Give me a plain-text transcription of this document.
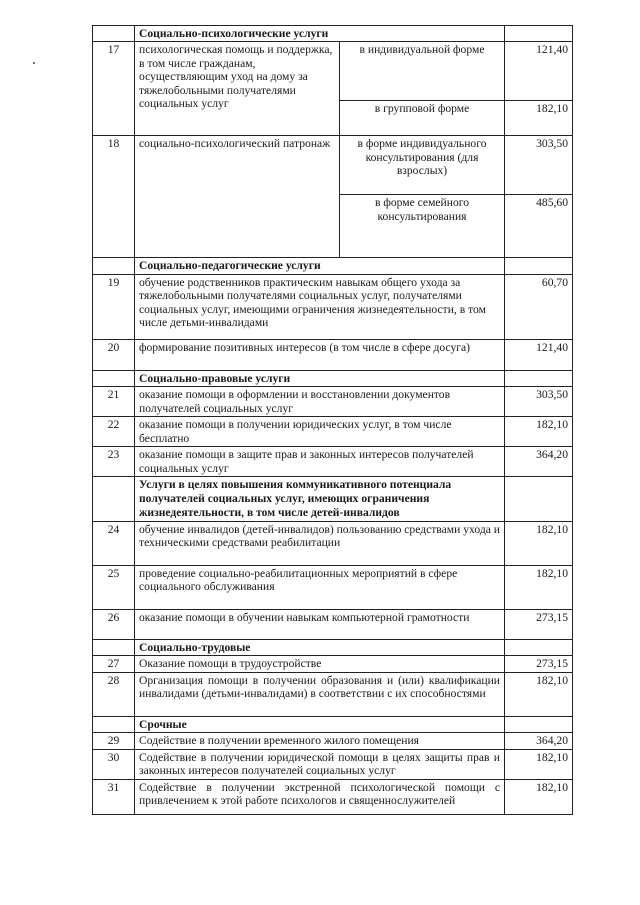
	Социально-психологические услуги		
17	психологическая помощь и поддержка, в том числе гражданам, осуществляющим уход на дому за тяжелобольными получателями социальных услуг	в индивидуальной форме	121,40
		в групповой форме	182,10
18	социально-психологический патронаж	в форме индивидуального консультирования (для взрослых)	303,50
		в форме семейного консультирования	485,60
	Социально-педагогические услуги		
19	обучение родственников практическим навыкам общего ухода за тяжелобольными получателями социальных услуг, получателями социальных услуг, имеющими ограничения жизнедеятельности, в том числе детьми-инвалидами		60,70
20	формирование позитивных интересов (в том числе в сфере досуга)		121,40
	Социально-правовые услуги		
21	оказание помощи в оформлении и восстановлении документов получателей социальных услуг		303,50
22	оказание помощи в получении юридических услуг, в том числе бесплатно		182,10
23	оказание помощи в защите прав и законных интересов получателей социальных услуг		364,20
	Услуги в целях повышения коммуникативного потенциала получателей социальных услуг, имеющих ограничения жизнедеятельности, в том числе детей-инвалидов		
24	обучение инвалидов (детей-инвалидов) пользованию средствами ухода и техническими средствами реабилитации		182,10
25	проведение социально-реабилитационных мероприятий в сфере социального обслуживания		182,10
26	оказание помощи в обучении навыкам компьютерной грамотности		273,15
	Социально-трудовые		
27	Оказание помощи в трудоустройстве		273,15
28	Организация помощи в получении образования и (или) квалификации инвалидами (детьми-инвалидами) в соответствии с их способностями		182,10
	Срочные		
29	Содействие в получении временного жилого помещения		364,20
30	Содействие в получении юридической помощи в целях защиты прав и законных интересов получателей социальных услуг		182,10
31	Содействие в получении экстренной психологической помощи с привлечением к этой работе психологов и священнослужителей		182,10
